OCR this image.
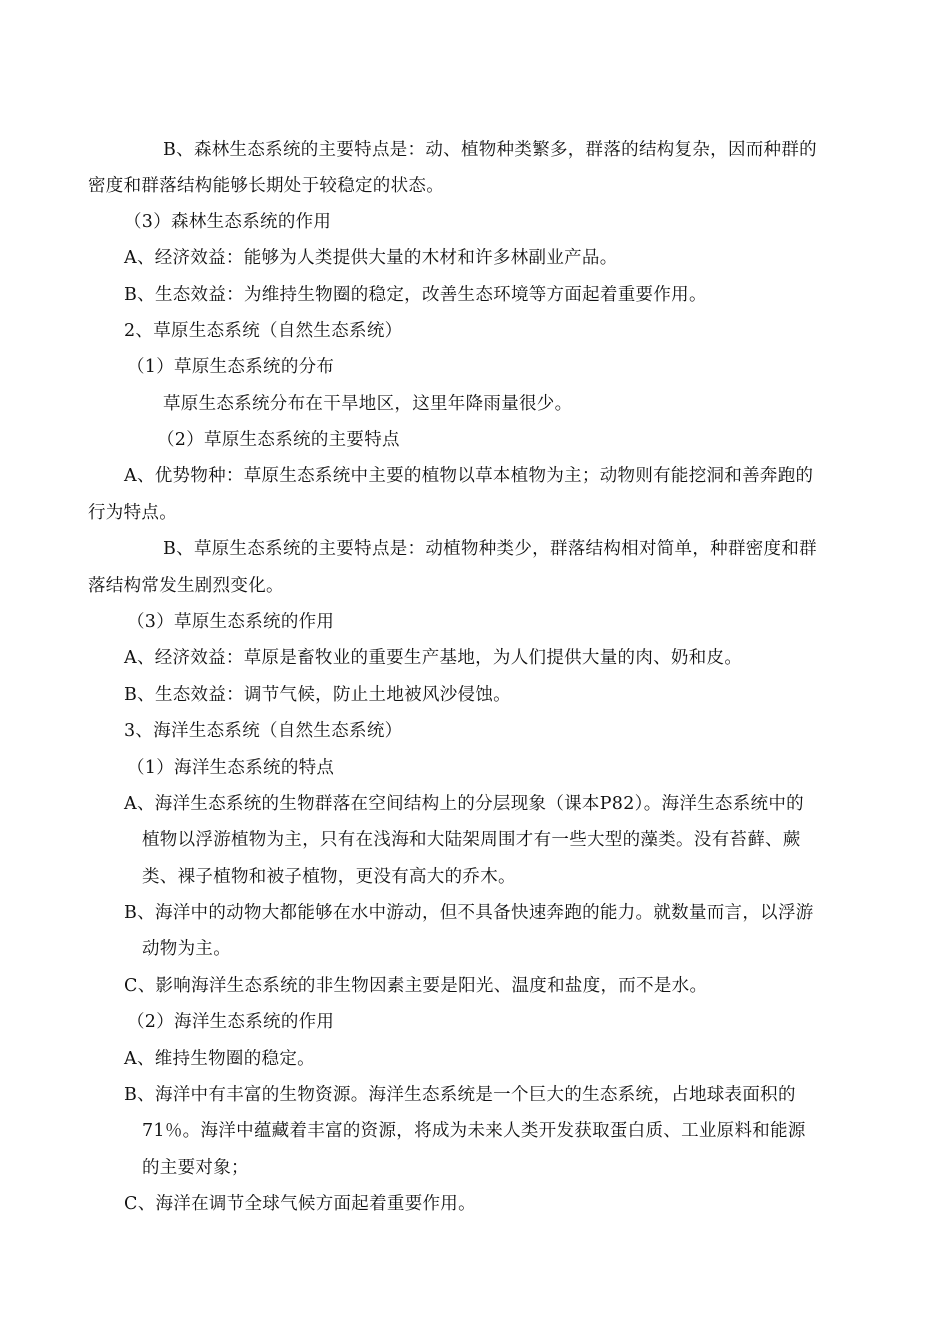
B、森林生态系统的主要特点是：动、植物种类繁多，群落的结构复杂，因而种群的
密度和群落结构能够长期处于较稳定的状态。
（3）森林生态系统的作用
A、经济效益：能够为人类提供大量的木材和许多林副业产品。
B、生态效益：为维持生物圈的稳定，改善生态环境等方面起着重要作用。
2、草原生态系统（自然生态系统）
（1）草原生态系统的分布
草原生态系统分布在干旱地区，这里年降雨量很少。
（2）草原生态系统的主要特点
A、优势物种：草原生态系统中主要的植物以草本植物为主；动物则有能挖洞和善奔跑的
行为特点。
B、草原生态系统的主要特点是：动植物种类少，群落结构相对简单，种群密度和群
落结构常发生剧烈变化。
（3）草原生态系统的作用
A、经济效益：草原是畜牧业的重要生产基地，为人们提供大量的肉、奶和皮。
B、生态效益：调节气候，防止土地被风沙侵蚀。
3、海洋生态系统（自然生态系统）
（1）海洋生态系统的特点
A、海洋生态系统的生物群落在空间结构上的分层现象（课本P82）。海洋生态系统中的
植物以浮游植物为主，只有在浅海和大陆架周围才有一些大型的藻类。没有苔藓、蕨
类、裸子植物和被子植物，更没有高大的乔木。
B、海洋中的动物大都能够在水中游动，但不具备快速奔跑的能力。就数量而言，以浮游
动物为主。
C、影响海洋生态系统的非生物因素主要是阳光、温度和盐度，而不是水。
（2）海洋生态系统的作用
A、维持生物圈的稳定。
B、海洋中有丰富的生物资源。海洋生态系统是一个巨大的生态系统，占地球表面积的
71％。海洋中蕴藏着丰富的资源，将成为未来人类开发获取蛋白质、工业原料和能源
的主要对象；
C、海洋在调节全球气候方面起着重要作用。
